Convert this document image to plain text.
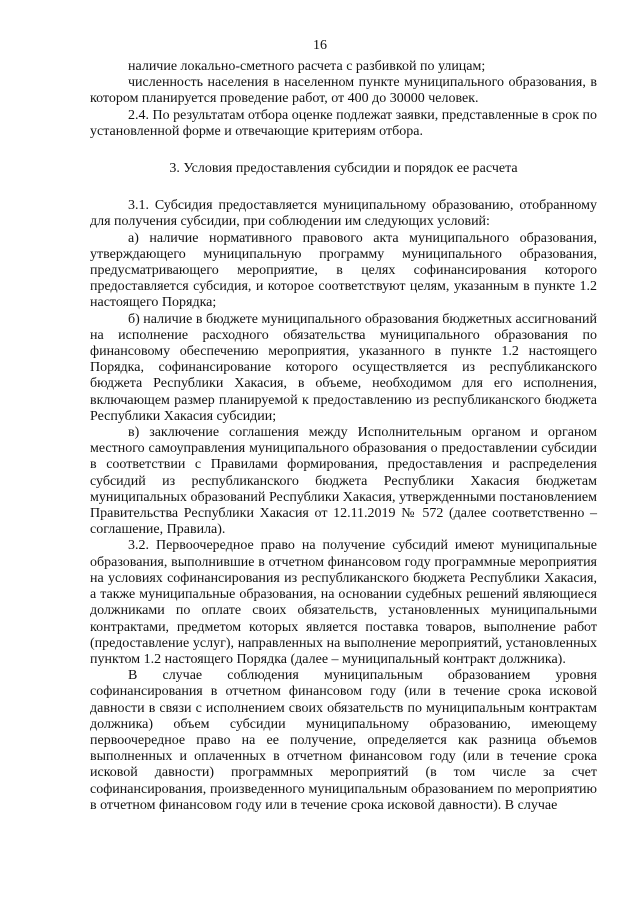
16

наличие локально-сметного расчета с разбивкой по улицам;

численность населения в населенном пункте муниципального образования, в котором планируется проведение работ, от 400 до 30000 человек.

2.4. По результатам отбора оценке подлежат заявки, представленные в срок по установленной форме и отвечающие критериям отбора.

3. Условия предоставления субсидии и порядок ее расчета

3.1. Субсидия предоставляется муниципальному образованию, отобранному для получения субсидии, при соблюдении им следующих условий:

а) наличие нормативного правового акта муниципального образования, утверждающего муниципальную программу муниципального образования, предусматривающего мероприятие, в целях софинансирования которого предоставляется субсидия, и которое соответствуют целям, указанным в пункте 1.2 настоящего Порядка;

б) наличие в бюджете муниципального образования бюджетных ассигнований на исполнение расходного обязательства муниципального образования по финансовому обеспечению мероприятия, указанного в пункте 1.2 настоящего Порядка, софинансирование которого осуществляется из республиканского бюджета Республики Хакасия, в объеме, необходимом для его исполнения, включающем размер планируемой к предоставлению из республиканского бюджета Республики Хакасия субсидии;

в) заключение соглашения между Исполнительным органом и органом местного самоуправления муниципального образования о предоставлении субсидии в соответствии с Правилами формирования, предоставления и распределения субсидий из республиканского бюджета Республики Хакасия бюджетам муниципальных образований Республики Хакасия, утвержденными постановлением Правительства Республики Хакасия от 12.11.2019 № 572 (далее соответственно – соглашение, Правила).

3.2. Первоочередное право на получение субсидий имеют муниципальные образования, выполнившие в отчетном финансовом году программные мероприятия на условиях софинансирования из республиканского бюджета Республики Хакасия, а также муниципальные образования, на основании судебных решений являющиеся должниками по оплате своих обязательств, установленных муниципальными контрактами, предметом которых является поставка товаров, выполнение работ (предоставление услуг), направленных на выполнение мероприятий, установленных пунктом 1.2 настоящего Порядка (далее – муниципальный контракт должника).

В случае соблюдения муниципальным образованием уровня софинансирования в отчетном финансовом году (или в течение срока исковой давности в связи с исполнением своих обязательств по муниципальным контрактам должника) объем субсидии муниципальному образованию, имеющему первоочередное право на ее получение, определяется как разница объемов выполненных и оплаченных в отчетном финансовом году (или в течение срока исковой давности) программных мероприятий (в том числе за счет софинансирования, произведенного муниципальным образованием по мероприятию в отчетном финансовом году или в течение срока исковой давности). В случае
